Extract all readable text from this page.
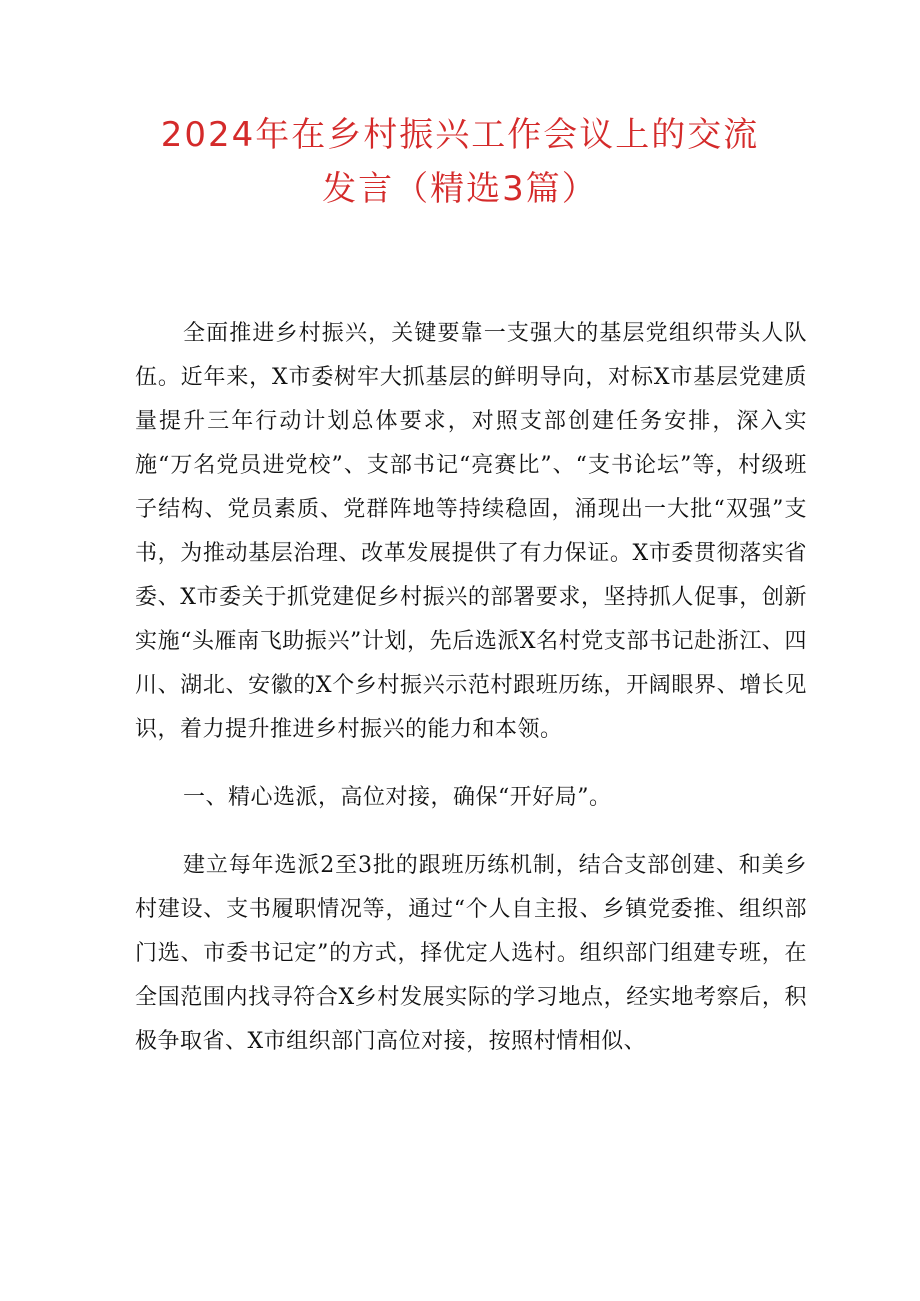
2024年在乡村振兴工作会议上的交流
发言（精选3篇）

全面推进乡村振兴，关键要靠一支强大的基层党组织带头人队伍。近年来，X市委树牢大抓基层的鲜明导向，对标X市基层党建质量提升三年行动计划总体要求，对照支部创建任务安排，深入实施“万名党员进党校”、支部书记“亮赛比”、“支书论坛”等，村级班子结构、党员素质、党群阵地等持续稳固，涌现出一大批“双强”支书，为推动基层治理、改革发展提供了有力保证。X市委贯彻落实省委、X市委关于抓党建促乡村振兴的部署要求，坚持抓人促事，创新实施“头雁南飞助振兴”计划，先后选派X名村党支部书记赴浙江、四川、湖北、安徽的X个乡村振兴示范村跟班历练，开阔眼界、增长见识，着力提升推进乡村振兴的能力和本领。

一、精心选派，高位对接，确保“开好局”。

建立每年选派2至3批的跟班历练机制，结合支部创建、和美乡村建设、支书履职情况等，通过“个人自主报、乡镇党委推、组织部门选、市委书记定”的方式，择优定人选村。组织部门组建专班，在全国范围内找寻符合X乡村发展实际的学习地点，经实地考察后，积极争取省、X市组织部门高位对接，按照村情相似、
